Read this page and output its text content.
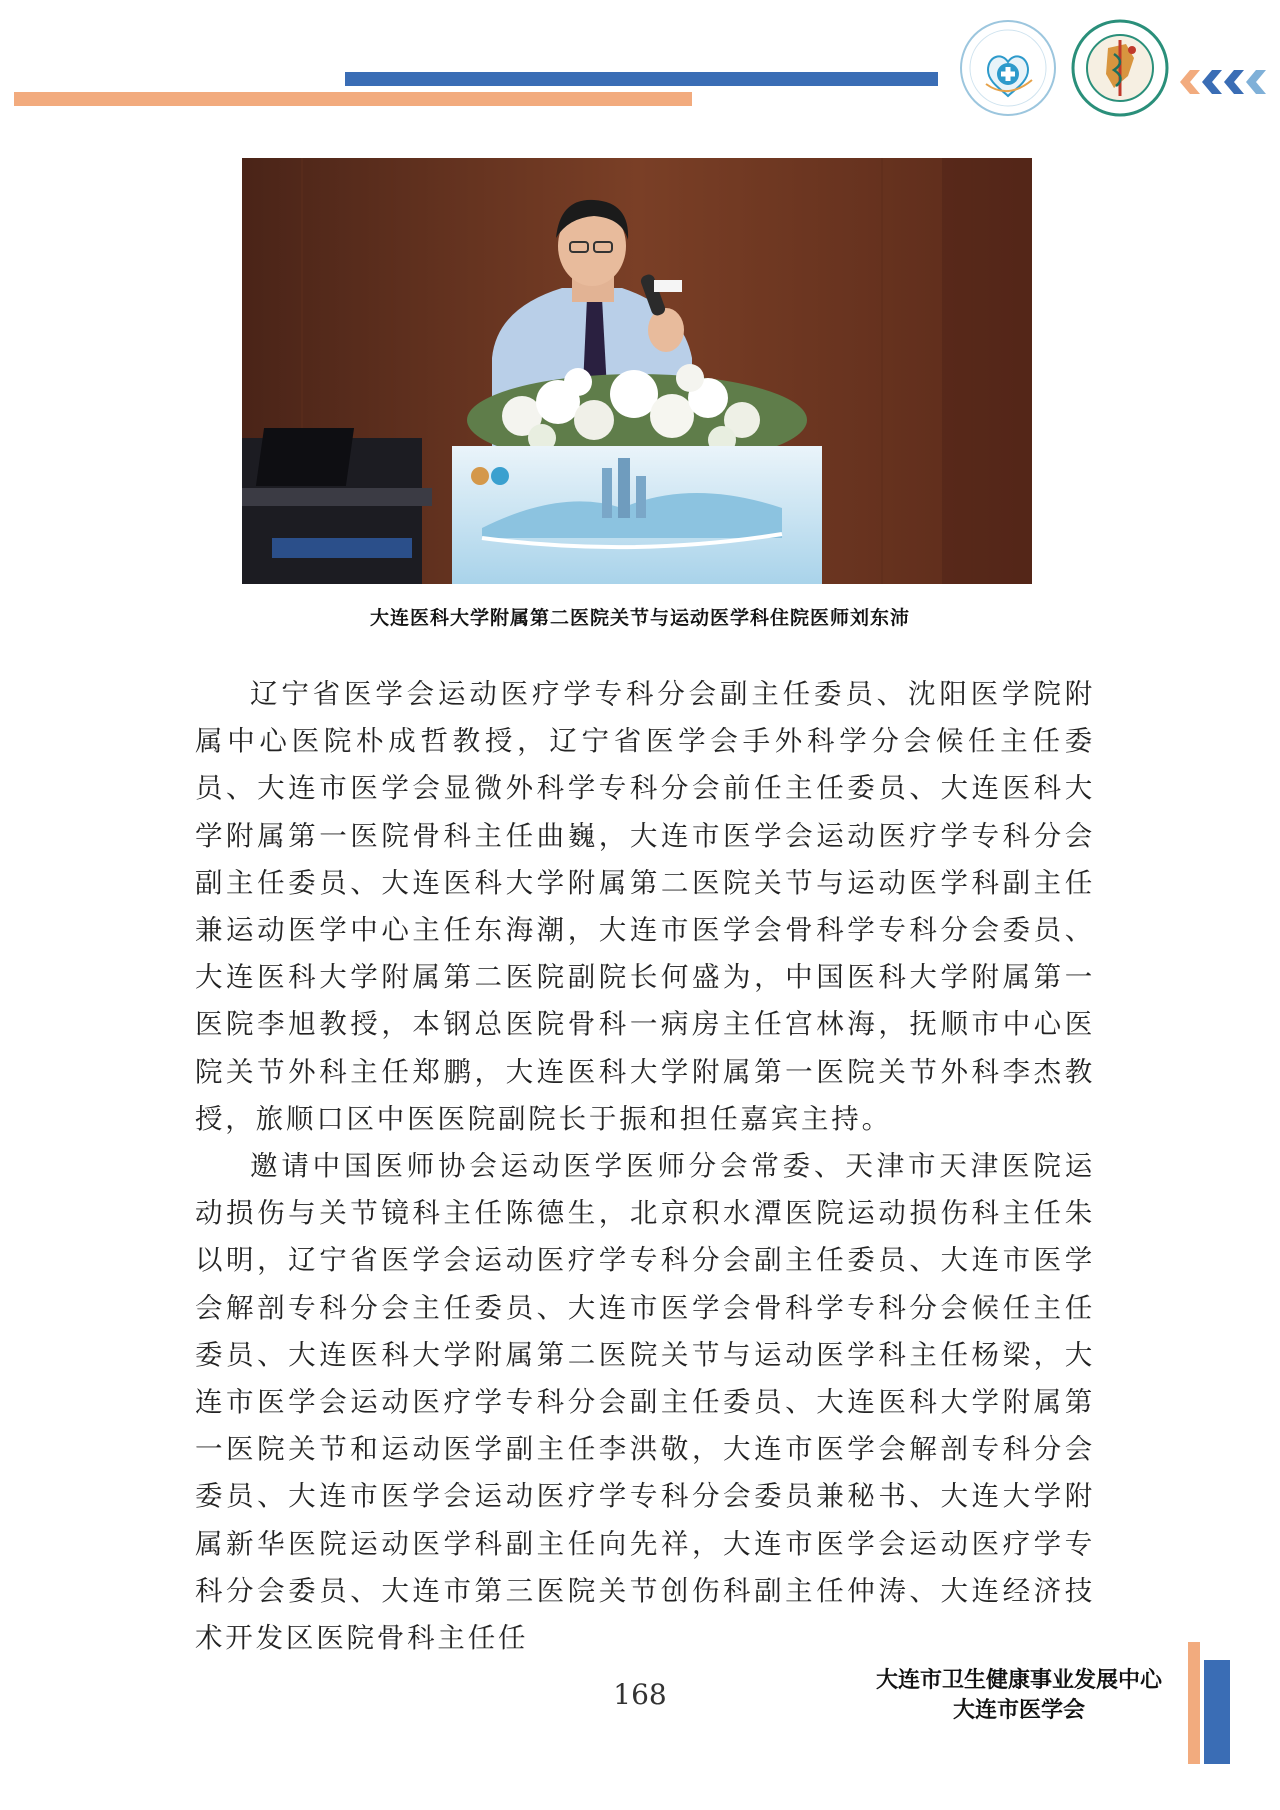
大连医科大学附属第二医院关节与运动医学科住院医师刘东沛

辽宁省医学会运动医疗学专科分会副主任委员、沈阳医学院附属中心医院朴成哲教授，辽宁省医学会手外科学分会候任主任委员、大连市医学会显微外科学专科分会前任主任委员、大连医科大学附属第一医院骨科主任曲巍，大连市医学会运动医疗学专科分会副主任委员、大连医科大学附属第二医院关节与运动医学科副主任兼运动医学中心主任东海潮，大连市医学会骨科学专科分会委员、大连医科大学附属第二医院副院长何盛为，中国医科大学附属第一医院李旭教授，本钢总医院骨科一病房主任宫林海，抚顺市中心医院关节外科主任郑鹏，大连医科大学附属第一医院关节外科李杰教授，旅顺口区中医医院副院长于振和担任嘉宾主持。

邀请中国医师协会运动医学医师分会常委、天津市天津医院运动损伤与关节镜科主任陈德生，北京积水潭医院运动损伤科主任朱以明，辽宁省医学会运动医疗学专科分会副主任委员、大连市医学会解剖专科分会主任委员、大连市医学会骨科学专科分会候任主任委员、大连医科大学附属第二医院关节与运动医学科主任杨梁，大连市医学会运动医疗学专科分会副主任委员、大连医科大学附属第一医院关节和运动医学副主任李洪敬，大连市医学会解剖专科分会委员、大连市医学会运动医疗学专科分会委员兼秘书、大连大学附属新华医院运动医学科副主任向先祥，大连市医学会运动医疗学专科分会委员、大连市第三医院关节创伤科副主任仲涛、大连经济技术开发区医院骨科主任任

168	大连市卫生健康事业发展中心
大连市医学会
